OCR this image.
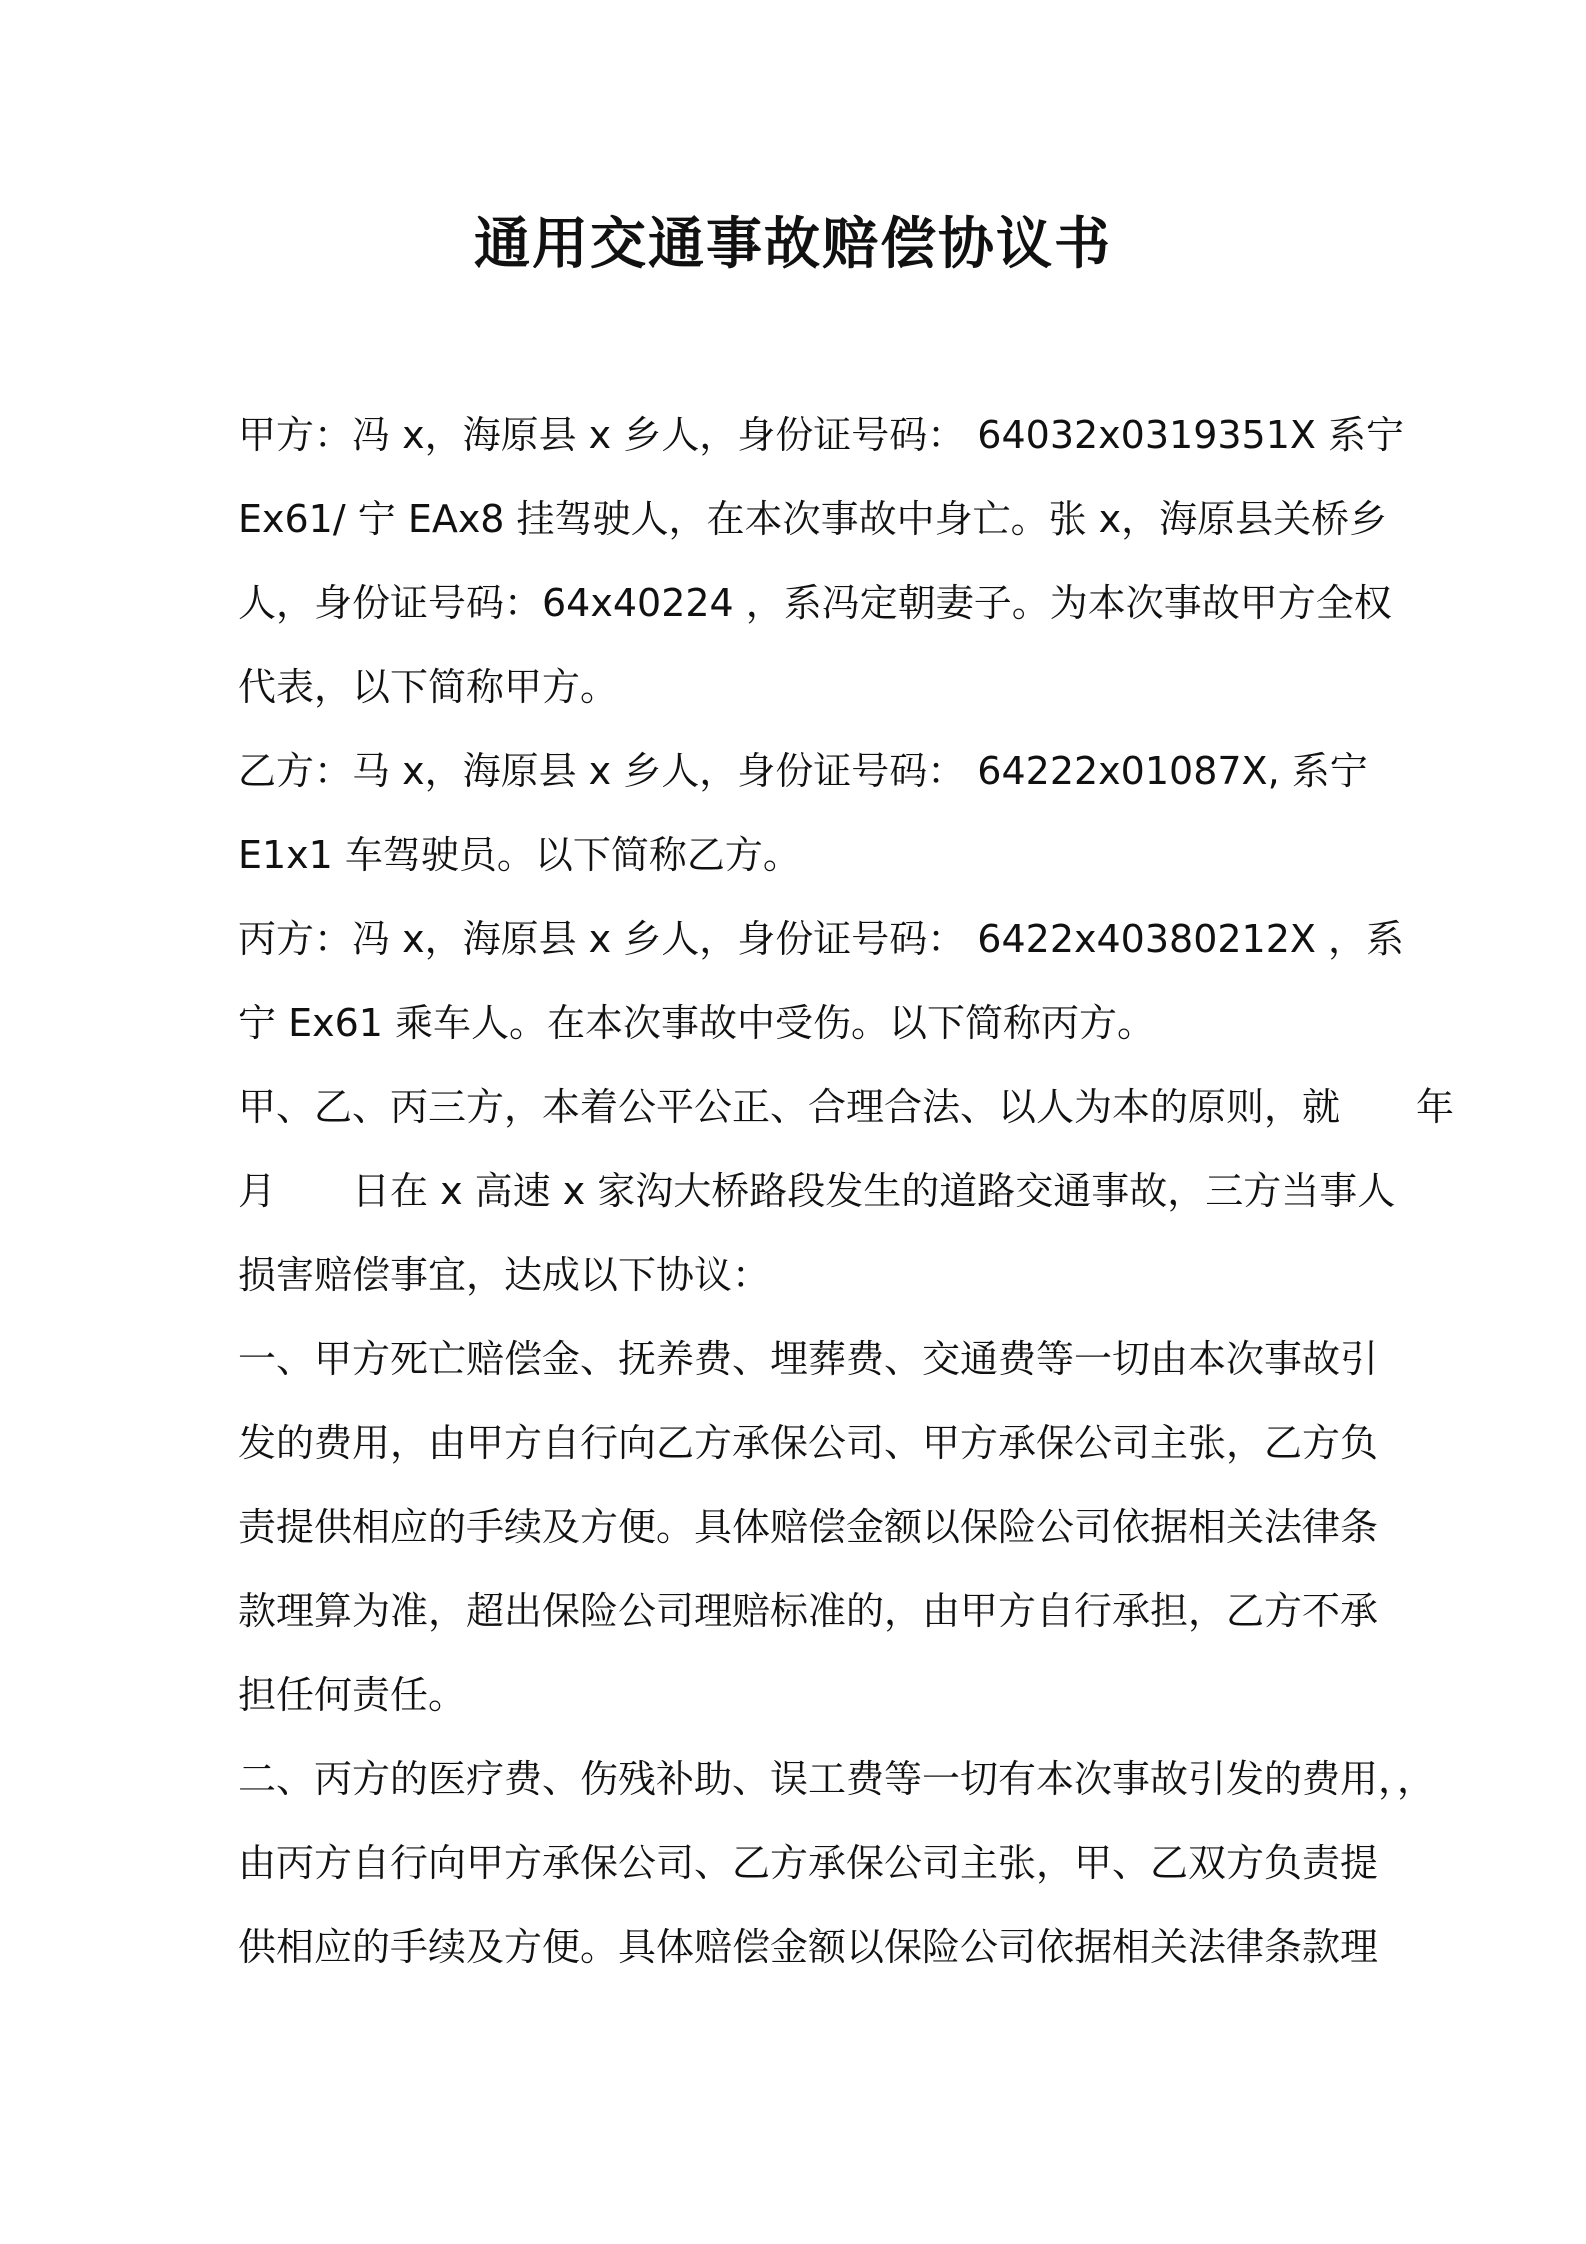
通用交通事故赔偿协议书

甲方：冯 x，海原县 x 乡人，身份证号码： 64032x0319351X 系宁

Ex61/ 宁 EAx8 挂驾驶人，在本次事故中身亡。张 x，海原县关桥乡

人，身份证号码：64x40224 ，系冯定朝妻子。为本次事故甲方全权

代表，以下简称甲方。

乙方：马 x，海原县 x 乡人，身份证号码： 64222x01087X, 系宁

E1x1 车驾驶员。以下简称乙方。

丙方：冯 x，海原县 x 乡人，身份证号码： 6422x40380212X ，系

宁 Ex61 乘车人。在本次事故中受伤。以下简称丙方。

甲、乙、丙三方，本着公平公正、合理合法、以人为本的原则，就　　年

月　　日在 x 高速 x 家沟大桥路段发生的道路交通事故，三方当事人

损害赔偿事宜，达成以下协议：

一、甲方死亡赔偿金、抚养费、埋葬费、交通费等一切由本次事故引

发的费用，由甲方自行向乙方承保公司、甲方承保公司主张，乙方负

责提供相应的手续及方便。具体赔偿金额以保险公司依据相关法律条

款理算为准，超出保险公司理赔标准的，由甲方自行承担，乙方不承

担任何责任。

二、丙方的医疗费、伤残补助、误工费等一切有本次事故引发的费用，，

由丙方自行向甲方承保公司、乙方承保公司主张，甲、乙双方负责提

供相应的手续及方便。具体赔偿金额以保险公司依据相关法律条款理
